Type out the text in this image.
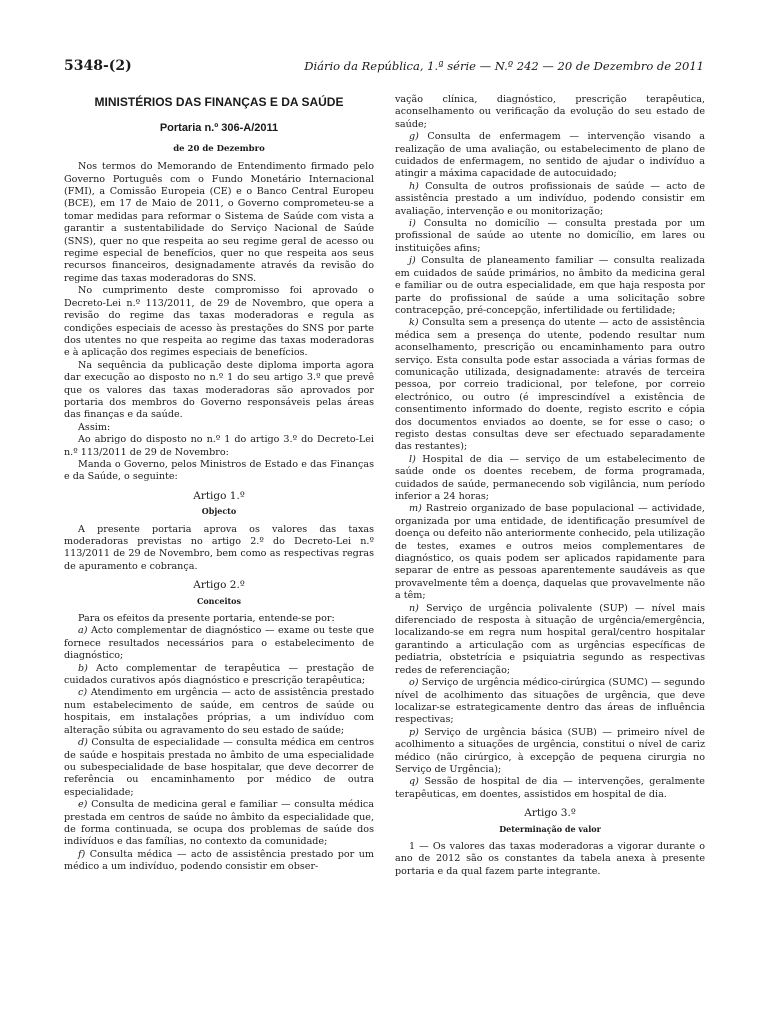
5348-(2)	Diário da República, 1.ª série — N.º 242 — 20 de Dezembro de 2011
MINISTÉRIOS DAS FINANÇAS E DA SAÚDE
Portaria n.º 306-A/2011
de 20 de Dezembro

Nos termos do Memorando de Entendimento firmado pelo Governo Português com o Fundo Monetário Internacional (FMI), a Comissão Europeia (CE) e o Banco Central Europeu (BCE), em 17 de Maio de 2011, o Governo comprometeu-se a tomar medidas para reformar o Sistema de Saúde com vista a garantir a sustentabilidade do Serviço Nacional de Saúde (SNS), quer no que respeita ao seu regime geral de acesso ou regime especial de benefícios, quer no que respeita aos seus recursos financeiros, designadamente através da revisão do regime das taxas moderadoras do SNS.

No cumprimento deste compromisso foi aprovado o Decreto-Lei n.º 113/2011, de 29 de Novembro, que opera a revisão do regime das taxas moderadoras e regula as condições especiais de acesso às prestações do SNS por parte dos utentes no que respeita ao regime das taxas moderadoras e à aplicação dos regimes especiais de benefícios.

Na sequência da publicação deste diploma importa agora dar execução ao disposto no n.º 1 do seu artigo 3.º que prevê que os valores das taxas moderadoras são aprovados por portaria dos membros do Governo responsáveis pelas áreas das finanças e da saúde.

Assim:

Ao abrigo do disposto no n.º 1 do artigo 3.º do Decreto-Lei n.º 113/2011 de 29 de Novembro:

Manda o Governo, pelos Ministros de Estado e das Finanças e da Saúde, o seguinte:

Artigo 1.º
Objecto

A presente portaria aprova os valores das taxas moderadoras previstas no artigo 2.º do Decreto-Lei n.º 113/2011 de 29 de Novembro, bem como as respectivas regras de apuramento e cobrança.

Artigo 2.º
Conceitos

Para os efeitos da presente portaria, entende-se por:

a) Acto complementar de diagnóstico — exame ou teste que fornece resultados necessários para o estabelecimento de diagnóstico;

b) Acto complementar de terapêutica — prestação de cuidados curativos após diagnóstico e prescrição terapêutica;

c) Atendimento em urgência — acto de assistência prestado num estabelecimento de saúde, em centros de saúde ou hospitais, em instalações próprias, a um indivíduo com alteração súbita ou agravamento do seu estado de saúde;

d) Consulta de especialidade — consulta médica em centros de saúde e hospitais prestada no âmbito de uma especialidade ou subespecialidade de base hospitalar, que deve decorrer de referência ou encaminhamento por médico de outra especialidade;

e) Consulta de medicina geral e familiar — consulta médica prestada em centros de saúde no âmbito da especialidade que, de forma continuada, se ocupa dos problemas de saúde dos indivíduos e das famílias, no contexto da comunidade;

f) Consulta médica — acto de assistência prestado por um médico a um indivíduo, podendo consistir em obser-

vação clínica, diagnóstico, prescrição terapêutica, aconselhamento ou verificação da evolução do seu estado de saúde;

g) Consulta de enfermagem — intervenção visando a realização de uma avaliação, ou estabelecimento de plano de cuidados de enfermagem, no sentido de ajudar o indivíduo a atingir a máxima capacidade de autocuidado;

h) Consulta de outros profissionais de saúde — acto de assistência prestado a um indivíduo, podendo consistir em avaliação, intervenção e ou monitorização;

i) Consulta no domicílio — consulta prestada por um profissional de saúde ao utente no domicílio, em lares ou instituições afins;

j) Consulta de planeamento familiar — consulta realizada em cuidados de saúde primários, no âmbito da medicina geral e familiar ou de outra especialidade, em que haja resposta por parte do profissional de saúde a uma solicitação sobre contracepção, pré-concepção, infertilidade ou fertilidade;

k) Consulta sem a presença do utente — acto de assistência médica sem a presença do utente, podendo resultar num aconselhamento, prescrição ou encaminhamento para outro serviço. Esta consulta pode estar associada a várias formas de comunicação utilizada, designadamente: através de terceira pessoa, por correio tradicional, por telefone, por correio electrónico, ou outro (é imprescindível a existência de consentimento informado do doente, registo escrito e cópia dos documentos enviados ao doente, se for esse o caso; o registo destas consultas deve ser efectuado separadamente das restantes);

l) Hospital de dia — serviço de um estabelecimento de saúde onde os doentes recebem, de forma programada, cuidados de saúde, permanecendo sob vigilância, num período inferior a 24 horas;

m) Rastreio organizado de base populacional — actividade, organizada por uma entidade, de identificação presumível de doença ou defeito não anteriormente conhecido, pela utilização de testes, exames e outros meios complementares de diagnóstico, os quais podem ser aplicados rapidamente para separar de entre as pessoas aparentemente saudáveis as que provavelmente têm a doença, daquelas que provavelmente não a têm;

n) Serviço de urgência polivalente (SUP) — nível mais diferenciado de resposta à situação de urgência/emergência, localizando-se em regra num hospital geral/centro hospitalar garantindo a articulação com as urgências específicas de pediatria, obstetrícia e psiquiatria segundo as respectivas redes de referenciação;

o) Serviço de urgência médico-cirúrgica (SUMC) — segundo nível de acolhimento das situações de urgência, que deve localizar-se estrategicamente dentro das áreas de influência respectivas;

p) Serviço de urgência básica (SUB) — primeiro nível de acolhimento a situações de urgência, constitui o nível de cariz médico (não cirúrgico, à excepção de pequena cirurgia no Serviço de Urgência);

q) Sessão de hospital de dia — intervenções, geralmente terapêuticas, em doentes, assistidos em hospital de dia.

Artigo 3.º
Determinação de valor

1 — Os valores das taxas moderadoras a vigorar durante o ano de 2012 são os constantes da tabela anexa à presente portaria e da qual fazem parte integrante.
